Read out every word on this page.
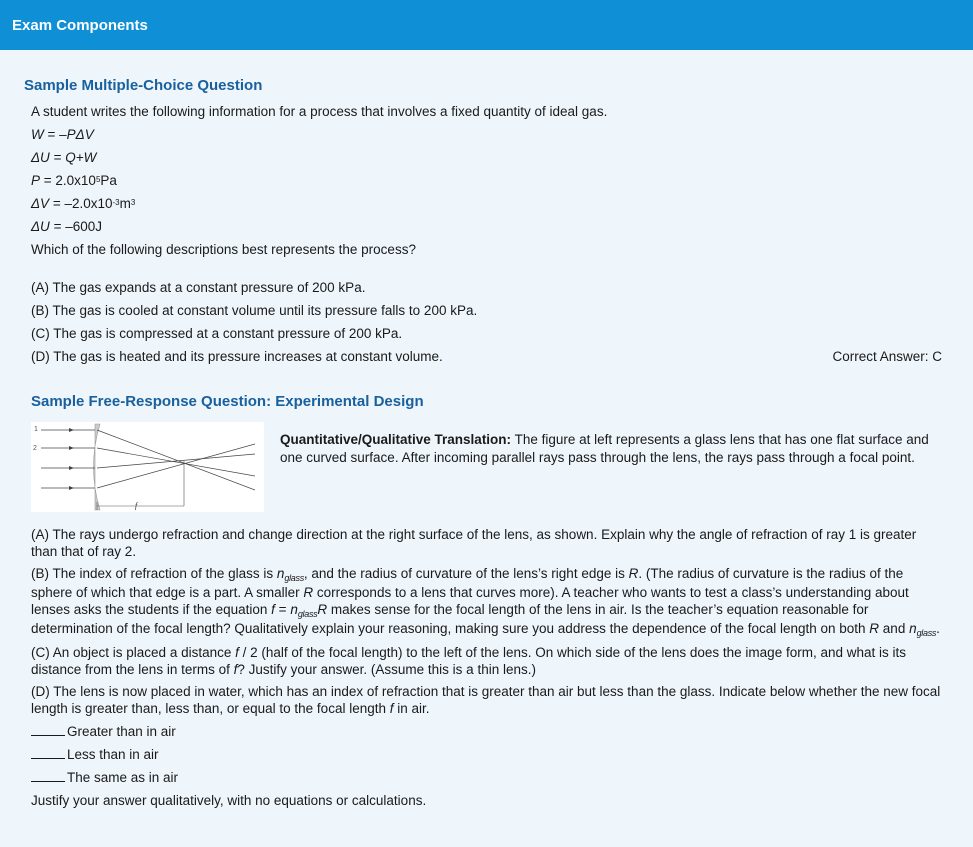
Exam Components
Sample Multiple-Choice Question
A student writes the following information for a process that involves a fixed quantity of ideal gas.
W = –PΔV
ΔU = Q+W
$P = 2.0x10^5Pa$
$\Delta V = -2.0x10^{-3}m^3$
ΔU = –600J
Which of the following descriptions best represents the process?
(A) The gas expands at a constant pressure of 200 kPa.
(B) The gas is cooled at constant volume until its pressure falls to 200 kPa.
(C) The gas is compressed at a constant pressure of 200 kPa.
(D) The gas is heated and its pressure increases at constant volume.	Correct Answer: C
Sample Free-Response Question: Experimental Design
1
2
f
Quantitative/Qualitative Translation: The figure at left represents a glass lens that has one flat surface and one curved surface. After incoming parallel rays pass through the lens, the rays pass through a focal point.
(A) The rays undergo refraction and change direction at the right surface of the lens, as shown. Explain why the angle of refraction of ray 1 is greater than that of ray 2.
(B) The index of refraction of the glass is $n_{glass}$, and the radius of curvature of the lens’s right edge is R. (The radius of curvature is the radius of the sphere of which that edge is a part. A smaller R corresponds to a lens that curves more). A teacher who wants to test a class’s understanding about lenses asks the students if the equation $f = n_{glass}R$ makes sense for the focal length of the lens in air. Is the teacher’s equation reasonable for determination of the focal length? Qualitatively explain your reasoning, making sure you address the dependence of the focal length on both R and $n_{glass}$.
(C) An object is placed a distance f / 2 (half of the focal length) to the left of the lens. On which side of the lens does the image form, and what is its distance from the lens in terms of f? Justify your answer. (Assume this is a thin lens.)
(D) The lens is now placed in water, which has an index of refraction that is greater than air but less than the glass. Indicate below whether the new focal length is greater than, less than, or equal to the focal length f in air.
Greater than in air
Less than in air
The same as in air
Justify your answer qualitatively, with no equations or calculations.
